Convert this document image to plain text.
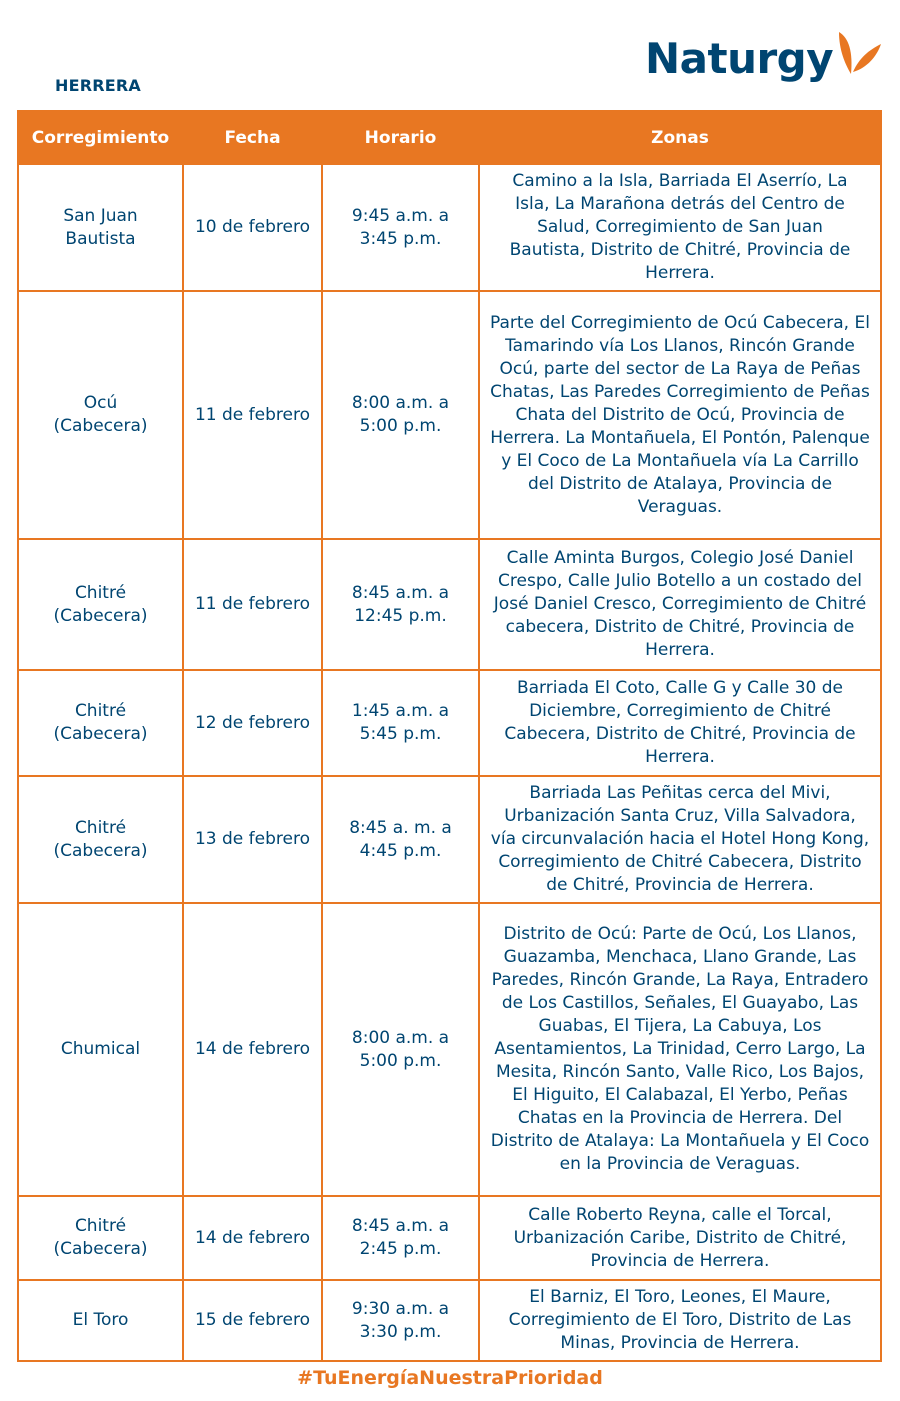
HERRERA
Naturgy
Corregimiento	Fecha	Horario	Zonas
San Juan Bautista	10 de febrero	9:45 a.m. a 3:45 p.m.	Camino a la Isla, Barriada El Aserrío, La Isla, La Marañona detrás del Centro de Salud, Corregimiento de San Juan Bautista, Distrito de Chitré, Provincia de Herrera.
Ocú (Cabecera)	11 de febrero	8:00 a.m. a 5:00 p.m.	Parte del Corregimiento de Ocú Cabecera, El Tamarindo vía Los Llanos, Rincón Grande Ocú, parte del sector de La Raya de Peñas Chatas, Las Paredes Corregimiento de Peñas Chata del Distrito de Ocú, Provincia de Herrera. La Montañuela, El Pontón, Palenque y El Coco de La Montañuela vía La Carrillo del Distrito de Atalaya, Provincia de Veraguas.
Chitré (Cabecera)	11 de febrero	8:45 a.m. a 12:45 p.m.	Calle Aminta Burgos, Colegio José Daniel Crespo, Calle Julio Botello a un costado del José Daniel Cresco, Corregimiento de Chitré cabecera, Distrito de Chitré, Provincia de Herrera.
Chitré (Cabecera)	12 de febrero	1:45 a.m. a 5:45 p.m.	Barriada El Coto, Calle G y Calle 30 de Diciembre, Corregimiento de Chitré Cabecera, Distrito de Chitré, Provincia de Herrera.
Chitré (Cabecera)	13 de febrero	8:45 a. m. a 4:45 p.m.	Barriada Las Peñitas cerca del Mivi, Urbanización Santa Cruz, Villa Salvadora, vía circunvalación hacia el Hotel Hong Kong, Corregimiento de Chitré Cabecera, Distrito de Chitré, Provincia de Herrera.
Chumical	14 de febrero	8:00 a.m. a 5:00 p.m.	Distrito de Ocú: Parte de Ocú, Los Llanos, Guazamba, Menchaca, Llano Grande, Las Paredes, Rincón Grande, La Raya, Entradero de Los Castillos, Señales, El Guayabo, Las Guabas, El Tijera, La Cabuya, Los Asentamientos, La Trinidad, Cerro Largo, La Mesita, Rincón Santo, Valle Rico, Los Bajos, El Higuito, El Calabazal, El Yerbo, Peñas Chatas en la Provincia de Herrera. Del Distrito de Atalaya: La Montañuela y El Coco en la Provincia de Veraguas.
Chitré (Cabecera)	14 de febrero	8:45 a.m. a 2:45 p.m.	Calle Roberto Reyna, calle el Torcal, Urbanización Caribe, Distrito de Chitré, Provincia de Herrera.
El Toro	15 de febrero	9:30 a.m. a 3:30 p.m.	El Barniz, El Toro, Leones, El Maure, Corregimiento de El Toro, Distrito de Las Minas, Provincia de Herrera.
#TuEnergíaNuestraPrioridad
